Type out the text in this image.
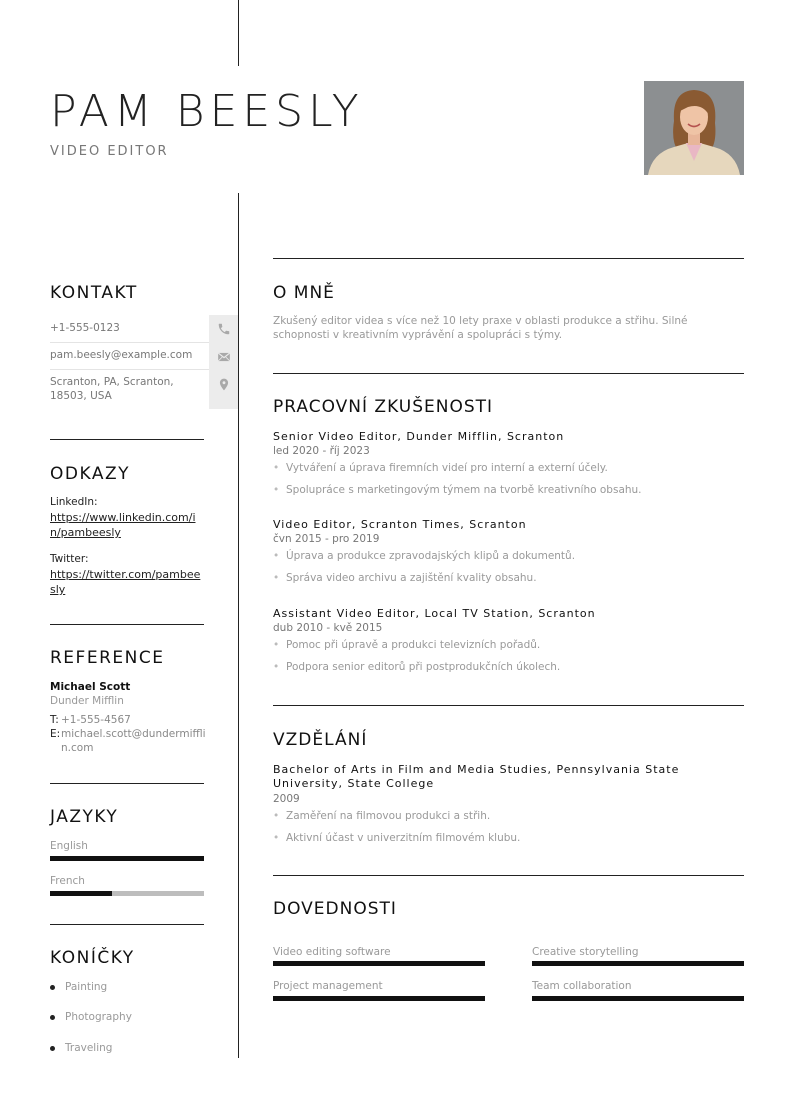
PAM BEESLY
VIDEO EDITOR
KONTAKT
+1-555-0123
pam.beesly@example.com
Scranton, PA, Scranton, 18503, USA
ODKAZY
LinkedIn:
https://www.linkedin.com/in/pambeesly
Twitter:
https://twitter.com/pambeesly
REFERENCE
Michael Scott
Dunder Mifflin
T: +1-555-4567
E: michael.scott@dundermifflin.com
JAZYKY
English
French
KONÍČKY
Painting
Photography
Traveling
O MNĚ
Zkušený editor videa s více než 10 lety praxe v oblasti produkce a střihu. Silné schopnosti v kreativním vyprávění a spolupráci s týmy.
PRACOVNÍ ZKUŠENOSTI
Senior Video Editor, Dunder Mifflin, Scranton
led 2020 - říj 2023
• Vytváření a úprava firemních videí pro interní a externí účely.
• Spolupráce s marketingovým týmem na tvorbě kreativního obsahu.
Video Editor, Scranton Times, Scranton
čvn 2015 - pro 2019
• Úprava a produkce zpravodajských klipů a dokumentů.
• Správa video archivu a zajištění kvality obsahu.
Assistant Video Editor, Local TV Station, Scranton
dub 2010 - kvě 2015
• Pomoc při úpravě a produkci televizních pořadů.
• Podpora senior editorů při postprodukčních úkolech.
VZDĚLÁNÍ
Bachelor of Arts in Film and Media Studies, Pennsylvania State University, State College
2009
• Zaměření na filmovou produkci a střih.
• Aktivní účast v univerzitním filmovém klubu.
DOVEDNOSTI
Video editing software	Creative storytelling
Project management	Team collaboration
